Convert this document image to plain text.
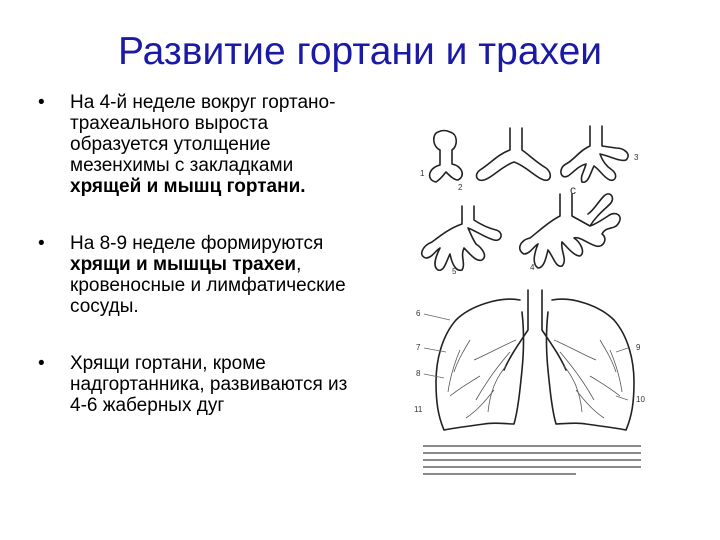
Развитие гортани и трахеи
• На 4-й неделе вокруг гортано-трахеального выроста образуется утолщение мезенхимы с закладками хрящей и мышц гортани.
• На 8-9 неделе формируются хрящи и мышцы трахеи, кровеносные и лимфатические сосуды.
• Хрящи гортани, кроме надгортанника, развиваются из 4-6 жаберных дуг
1
2
3
c
4
5
6
7
8
9
10
11
